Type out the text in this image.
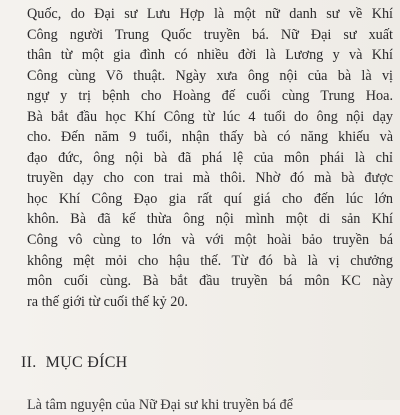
Quốc, do Đại sư Lưu Hợp là một nữ danh sư về Khí
Công người Trung Quốc truyền bá. Nữ Đại sư xuất
thân từ một gia đình có nhiều đời là Lương y và Khí
Công cùng Võ thuật. Ngày xưa ông nội của bà là vị
ngự y trị bệnh cho Hoàng đế cuối cùng Trung Hoa.
Bà bắt đầu học Khí Công từ lúc 4 tuổi do ông nội dạy
cho. Đến năm 9 tuổi, nhận thấy bà có năng khiếu và
đạo đức, ông nội bà đã phá lệ của môn phái là chỉ
truyền dạy cho con trai mà thôi. Nhờ đó mà bà được
học Khí Công Đạo gia rất quí giá cho đến lúc lớn
khôn. Bà đã kế thừa ông nội mình một di sản Khí
Công vô cùng to lớn và với một hoài bảo truyền bá
không mệt mỏi cho hậu thế. Từ đó bà là vị chưởng
môn cuối cùng. Bà bắt đầu truyền bá môn KC này
ra thế giới từ cuối thế kỷ 20.
II. MỤC ĐÍCH
Là tâm nguyện của Nữ Đại sư khi truyền bá để
